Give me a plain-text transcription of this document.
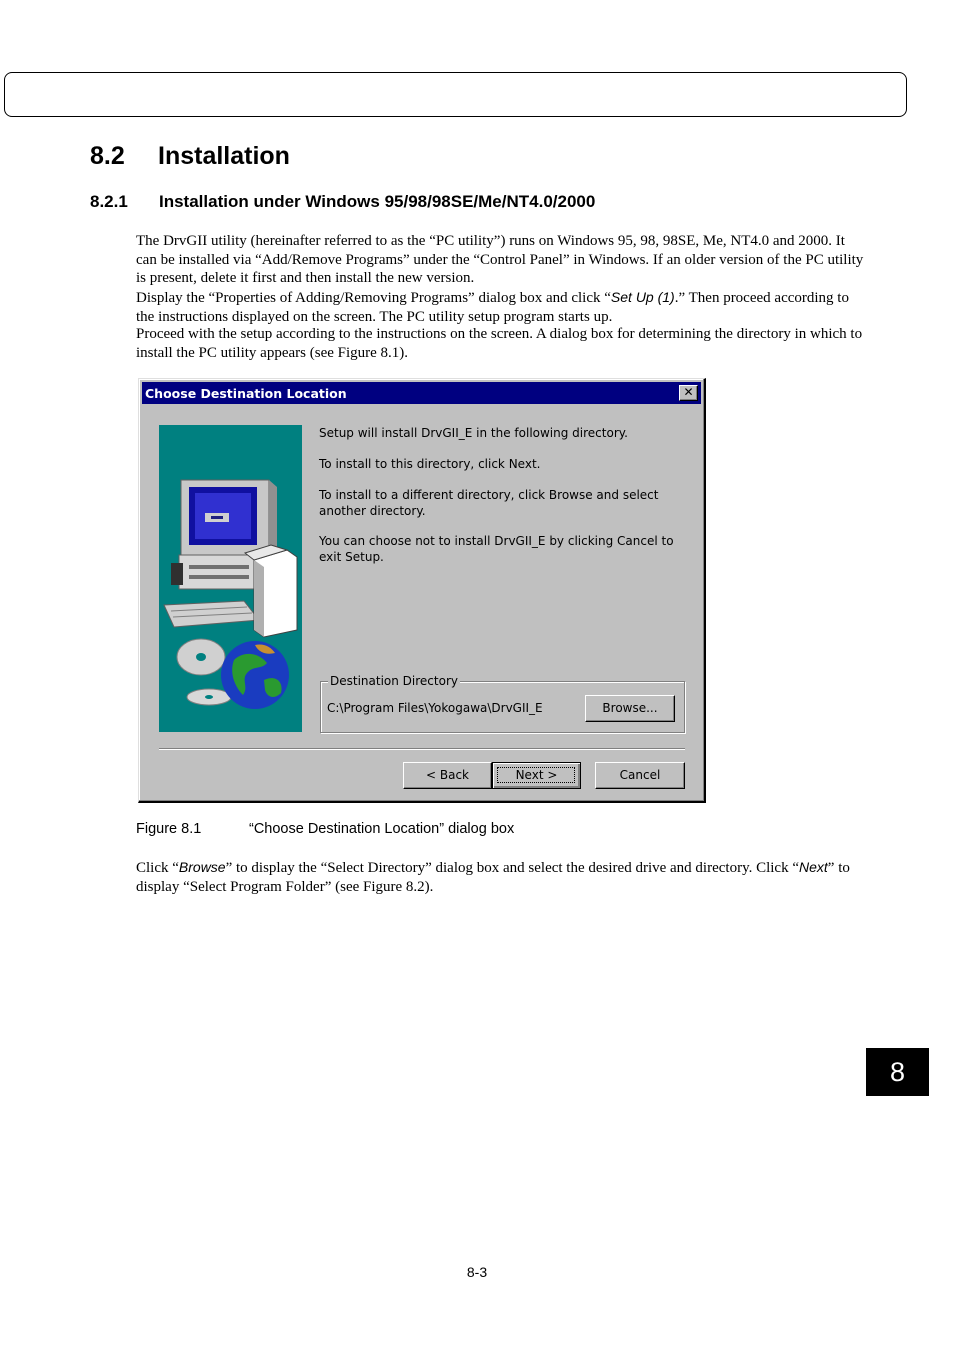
8.2 Installation
8.2.1 Installation under Windows 95/98/98SE/Me/NT4.0/2000
The DrvGII utility (hereinafter referred to as the “PC utility”) runs on Windows 95, 98, 98SE, Me, NT4.0 and 2000. It can be installed via “Add/Remove Programs” under the “Control Panel” in Windows. If an older version of the PC utility is present, delete it first and then install the new version.
Display the “Properties of Adding/Removing Programs” dialog box and click “Set Up (1).” Then proceed according to the instructions displayed on the screen. The PC utility setup program starts up.
Proceed with the setup according to the instructions on the screen. A dialog box for determining the directory in which to install the PC utility appears (see Figure 8.1).
Choose Destination Location	✕
Setup will install DrvGII_E in the following directory.
To install to this directory, click Next.
To install to a different directory, click Browse and select another directory.
You can choose not to install DrvGII_E by clicking Cancel to exit Setup.
Destination Directory
C:\Program Files\Yokogawa\DrvGII_E	Browse...
< Back	Next >	Cancel
Figure 8.1	“Choose Destination Location” dialog box
Click “Browse” to display the “Select Directory” dialog box and select the desired drive and directory. Click “Next” to display “Select Program Folder” (see Figure 8.2).
8
8-3
